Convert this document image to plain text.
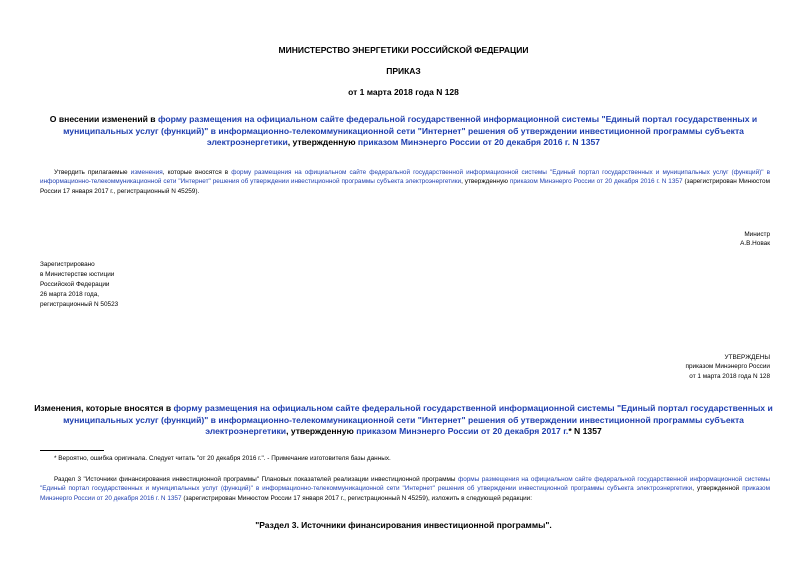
МИНИСТЕРСТВО ЭНЕРГЕТИКИ РОССИЙСКОЙ ФЕДЕРАЦИИ
ПРИКАЗ
от 1 марта 2018 года N 128
О внесении изменений в форму размещения на официальном сайте федеральной государственной информационной системы "Единый портал государственных и муниципальных услуг (функций)" в информационно-телекоммуникационной сети "Интернет" решения об утверждении инвестиционной программы субъекта электроэнергетики, утвержденную приказом Минэнерго России от 20 декабря 2016 г. N 1357
Утвердить прилагаемые изменения, которые вносятся в форму размещения на официальном сайте федеральной государственной информационной системы "Единый портал государственных и муниципальных услуг (функций)" в информационно-телекоммуникационной сети "Интернет" решения об утверждении инвестиционной программы субъекта электроэнергетики, утвержденную приказом Минэнерго России от 20 декабря 2016 г. N 1357 (зарегистрирован Минюстом России 17 января 2017 г., регистрационный N 45259).
Министр
А.В.Новак
Зарегистрировано
в Министерстве юстиции
Российской Федерации
26 марта 2018 года,
регистрационный N 50523
УТВЕРЖДЕНЫ
приказом Минэнерго России
от 1 марта 2018 года N 128
Изменения, которые вносятся в форму размещения на официальном сайте федеральной государственной информационной системы "Единый портал государственных и муниципальных услуг (функций)" в информационно-телекоммуникационной сети "Интернет" решения об утверждении инвестиционной программы субъекта электроэнергетики, утвержденную приказом Минэнерго России от 20 декабря 2017 г.* N 1357
* Вероятно, ошибка оригинала. Следует читать "от 20 декабря 2016 г.". - Примечание изготовителя базы данных.
Раздел 3 "Источники финансирования инвестиционной программы" Плановых показателей реализации инвестиционной программы формы размещения на официальном сайте федеральной государственной информационной системы "Единый портал государственных и муниципальных услуг (функций)" в информационно-телекоммуникационной сети "Интернет" решения об утверждении инвестиционной программы субъекта электроэнергетики, утвержденной приказом Минэнерго России от 20 декабря 2016 г. N 1357 (зарегистрирован Минюстом России 17 января 2017 г., регистрационный N 45259), изложить в следующей редакции:
"Раздел 3. Источники финансирования инвестиционной программы".
